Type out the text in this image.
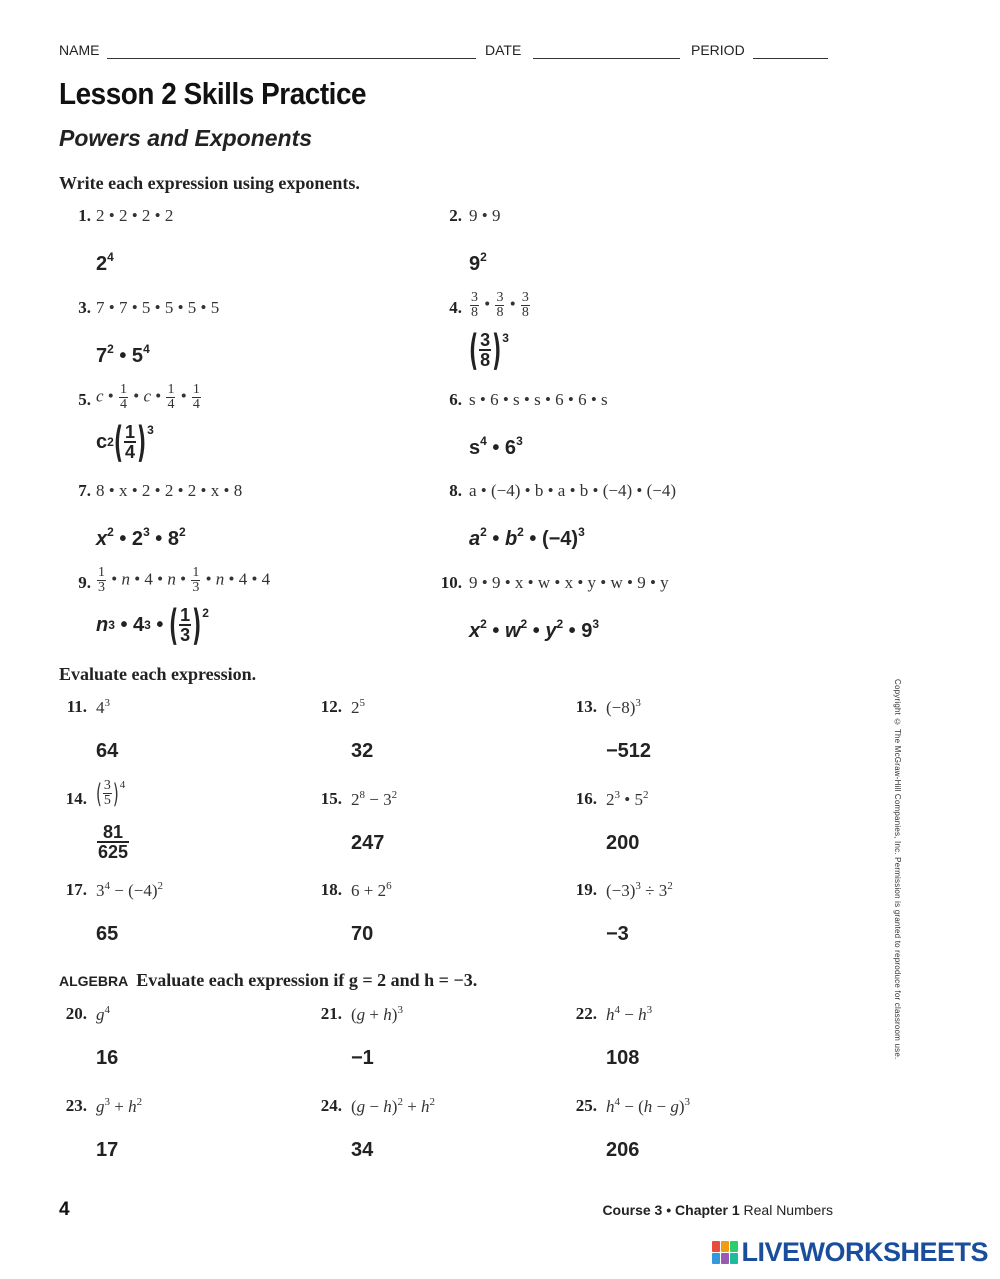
NAME	DATE	PERIOD
Lesson 2 Skills Practice
Powers and Exponents
Write each expression using exponents.
1. 2 • 2 • 2 • 2
$2^4$
2. 9 • 9
$9^2$
3. 7 • 7 • 5 • 5 • 5 • 5
$7^2$ • $5^4$
4. $\frac{3}{8}$ • $\frac{3}{8}$ • $\frac{3}{8}$
( $\frac{3}{8}$ ) 3
5. c • $\frac{1}{4}$ • c • $\frac{1}{4}$ • $\frac{1}{4}$
c 2 ( $\frac{1}{4}$ ) 3
6. s • 6 • s • s • 6 • 6 • s
$s^4$ • $6^3$
7. 8 • x • 2 • 2 • 2 • x • 8
$x^2$ • $2^3$ • $8^2$
8. a • (−4) • b • a • b • (−4) • (−4)
$a^2$ • $b^2$ • $(-4)^3$
9. $\frac{1}{3}$ • n • 4 • n • $\frac{1}{3}$ • n • 4 • 4
n 3 • 4 3 • ( $\frac{1}{3}$ ) 2
10. 9 • 9 • x • w • x • y • w • 9 • y
$x^2$ • $w^2$ • $y^2$ • $9^3$
Evaluate each expression.
11. $4^3$
64
12. $2^5$
32
13. $(-8)^3$
−512
14. ( $\frac{3}{5}$ ) 4
$\frac{81}{625}$
15. $2^8 - 3^2$
247
16. $2^3$ • $5^2$
200
17. $3^4 - (-4)^2$
65
18. $6 + 2^6$
70
19. $(-3)^3 \div 3^2$
−3
ALGEBRA Evaluate each expression if g = 2 and h = −3.
20. $g^4$
16
21. $(g + h)^3$
−1
22. $h^4 - h^3$
108
23. $g^3 + h^2$
17
24. $(g - h)^2 + h^2$
34
25. $h^4 - (h - g)^3$
206
Copyright © The McGraw-Hill Companies, Inc. Permission is granted to reproduce for classroom use.
4	Course 3 • Chapter 1 Real Numbers
LIVEWORKSHEETS
